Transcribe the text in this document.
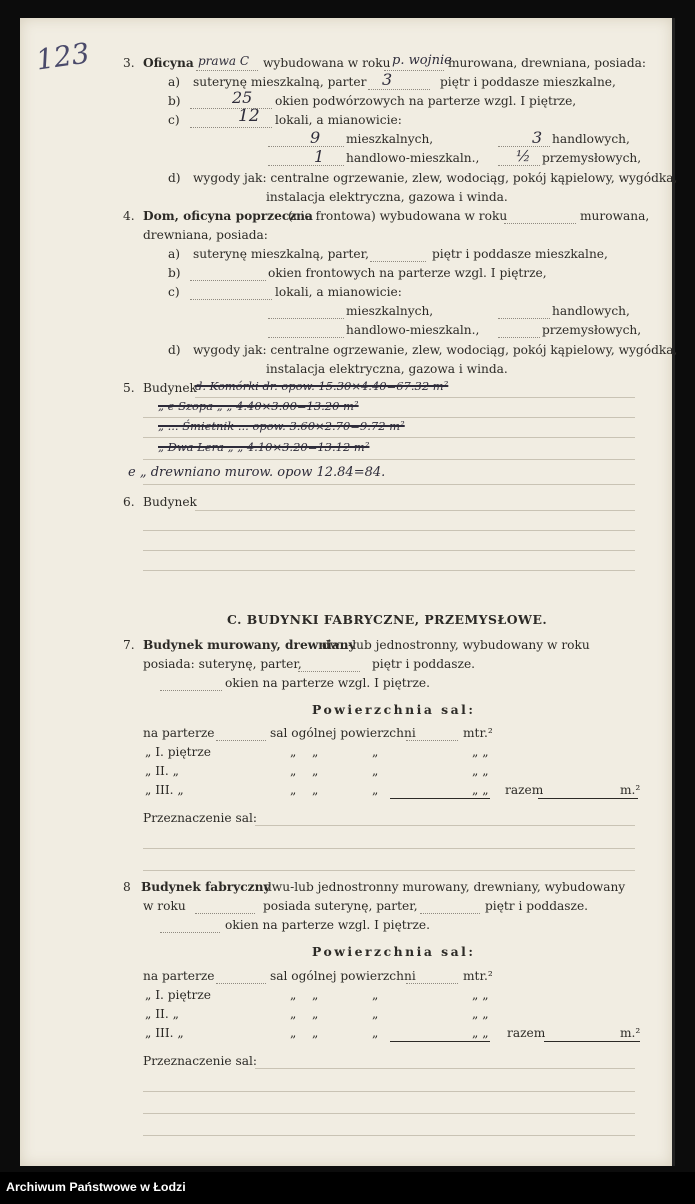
123	3. Oficyna prawa C wybudowana w roku p. wojnie
murowana, drewniana, posiada:
a) suterynę mieszkalną, parter 3	piętr i poddasze mieszkalne,
b)	25 okien podwórzowych na parterze wzgl. I piętrze,
c)	12 lokali, a mianowicie:
9 mieszkalnych,	3 handlowych,
1 handlowo-mieszkaln., ½ przemysłowych,
d) wygody jak: centralne ogrzewanie, zlew, wodociąg, pokój kąpielowy, wygódka,
instalacja elektryczna, gazowa i winda.
4. Dom, oficyna poprzeczna
(nie frontowa) wybudowana w roku	murowana,
drewniana, posiada:
a) suterynę mieszkalną, parter,	piętr i poddasze mieszkalne,
b)	okien frontowych na parterze wzgl. I piętrze,
c)	lokali, a mianowicie:
mieszkalnych,	handlowych,
handlowo-mieszkaln.,	przemysłowych,
d) wygody jak: centralne ogrzewanie, zlew, wodociąg, pokój kąpielowy, wygódka,
instalacja elektryczna, gazowa i winda.
5. Budynek
d. Komórki dr. opow. 15.30×4.40=67.32 m²
„ e Szopa „ „ 4.40×3.00=13.20 m²
„ ... Śmietnik ... opow. 3.60×2.70=9.72 m²
„ Dwa Lera „ „ 4.10×3.20=13.12 m²
e „ drewniano murow. opow 12.84=84.
6. Budynek
C. BUDYNKI FABRYCZNE, PRZEMYSŁOWE.
7. Budynek murowany, drewniany
dwu-lub jednostronny, wybudowany w roku
posiada: suterynę, parter,	piętr i poddasze.
okien na parterze wzgl. I piętrze.
Powierzchnia sal:
na parterze	sal ogólnej powierzchni	mtr.²
„ I. piętrze	„ „	„	„ „
„ II. „	„ „	„	„ „
„ III. „	„ „	„	„ „ razem	m.²
Przeznaczenie sal:
8 Budynek fabryczny
dwu-lub jednostronny murowany, drewniany, wybudowany
w roku	posiada suterynę, parter,	piętr i poddasze.
okien na parterze wzgl. I piętrze.
Powierzchnia sal:
na parterze	sal ogólnej powierzchni	mtr.²
„ I. piętrze	„ „	„	„ „
„ II. „	„ „	„	„ „
„ III. „	„ „	„	„ „ razem	m.²
Przeznaczenie sal:
Archiwum Państwowe w Łodzi
